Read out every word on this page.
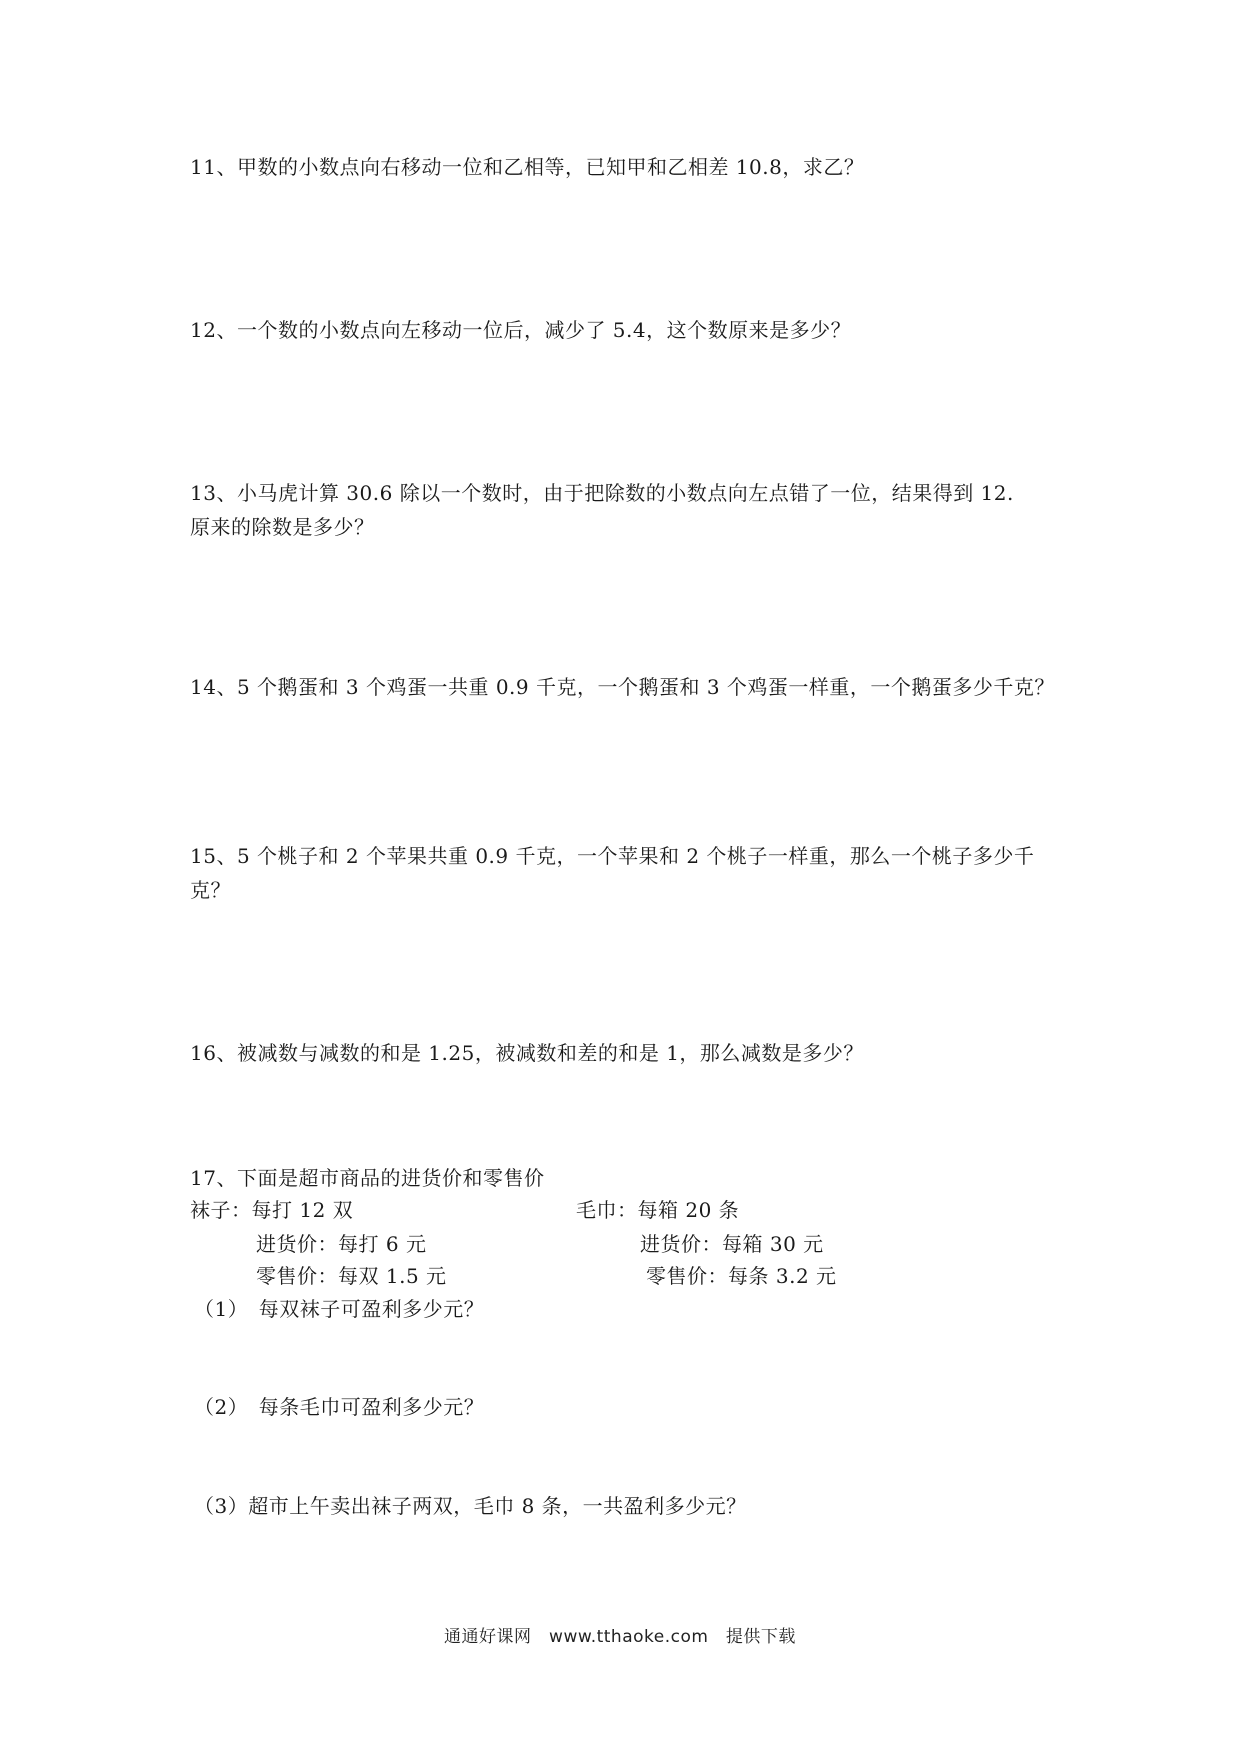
11、甲数的小数点向右移动一位和乙相等，已知甲和乙相差 10.8，求乙？
12、一个数的小数点向左移动一位后，减少了 5.4，这个数原来是多少？
13、小马虎计算 30.6 除以一个数时，由于把除数的小数点向左点错了一位，结果得到 12.
原来的除数是多少？
14、5 个鹅蛋和 3 个鸡蛋一共重 0.9 千克，一个鹅蛋和 3 个鸡蛋一样重，一个鹅蛋多少千克？
15、5 个桃子和 2 个苹果共重 0.9 千克，一个苹果和 2 个桃子一样重，那么一个桃子多少千
克？
16、被减数与减数的和是 1.25，被减数和差的和是 1，那么减数是多少？
17、下面是超市商品的进货价和零售价
袜子：每打 12 双	毛巾：每箱 20 条
进货价：每打 6 元	进货价：每箱 30 元
零售价：每双 1.5 元	零售价：每条 3.2 元
（1）　每双袜子可盈利多少元？
（2）　每条毛巾可盈利多少元？
（3）超市上午卖出袜子两双，毛巾 8 条，一共盈利多少元？
通通好课网　www.tthaoke.com　提供下载
